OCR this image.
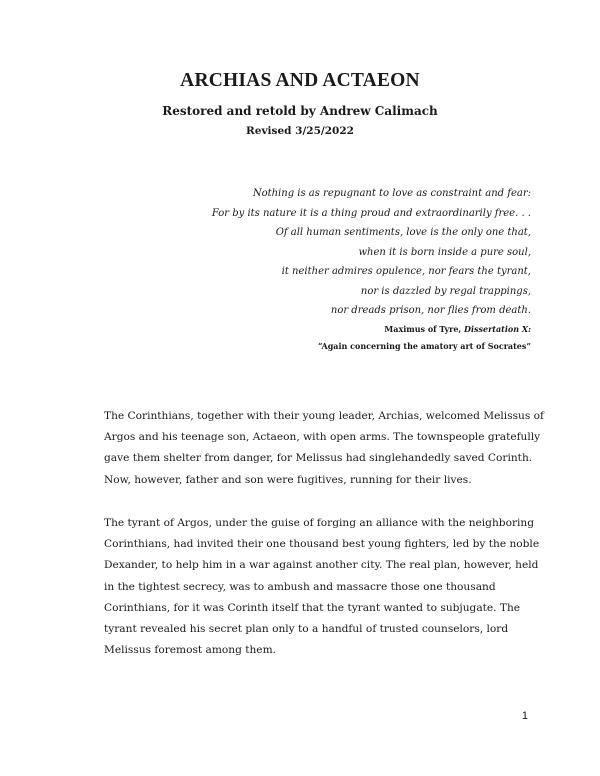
ARCHIAS AND ACTAEON

Restored and retold by Andrew Calimach

Revised 3/25/2022

Nothing is as repugnant to love as constraint and fear:
For by its nature it is a thing proud and extraordinarily free. . .
Of all human sentiments, love is the only one that,
when it is born inside a pure soul,
it neither admires opulence, nor fears the tyrant,
nor is dazzled by regal trappings,
nor dreads prison, nor flies from death.
Maximus of Tyre, Dissertation X:
“Again concerning the amatory art of Socrates”

The Corinthians, together with their young leader, Archias, welcomed Melissus of
Argos and his teenage son, Actaeon, with open arms. The townspeople gratefully
gave them shelter from danger, for Melissus had singlehandedly saved Corinth.
Now, however, father and son were fugitives, running for their lives.

The tyrant of Argos, under the guise of forging an alliance with the neighboring
Corinthians, had invited their one thousand best young fighters, led by the noble
Dexander, to help him in a war against another city. The real plan, however, held
in the tightest secrecy, was to ambush and massacre those one thousand
Corinthians, for it was Corinth itself that the tyrant wanted to subjugate. The
tyrant revealed his secret plan only to a handful of trusted counselors, lord
Melissus foremost among them.

1
